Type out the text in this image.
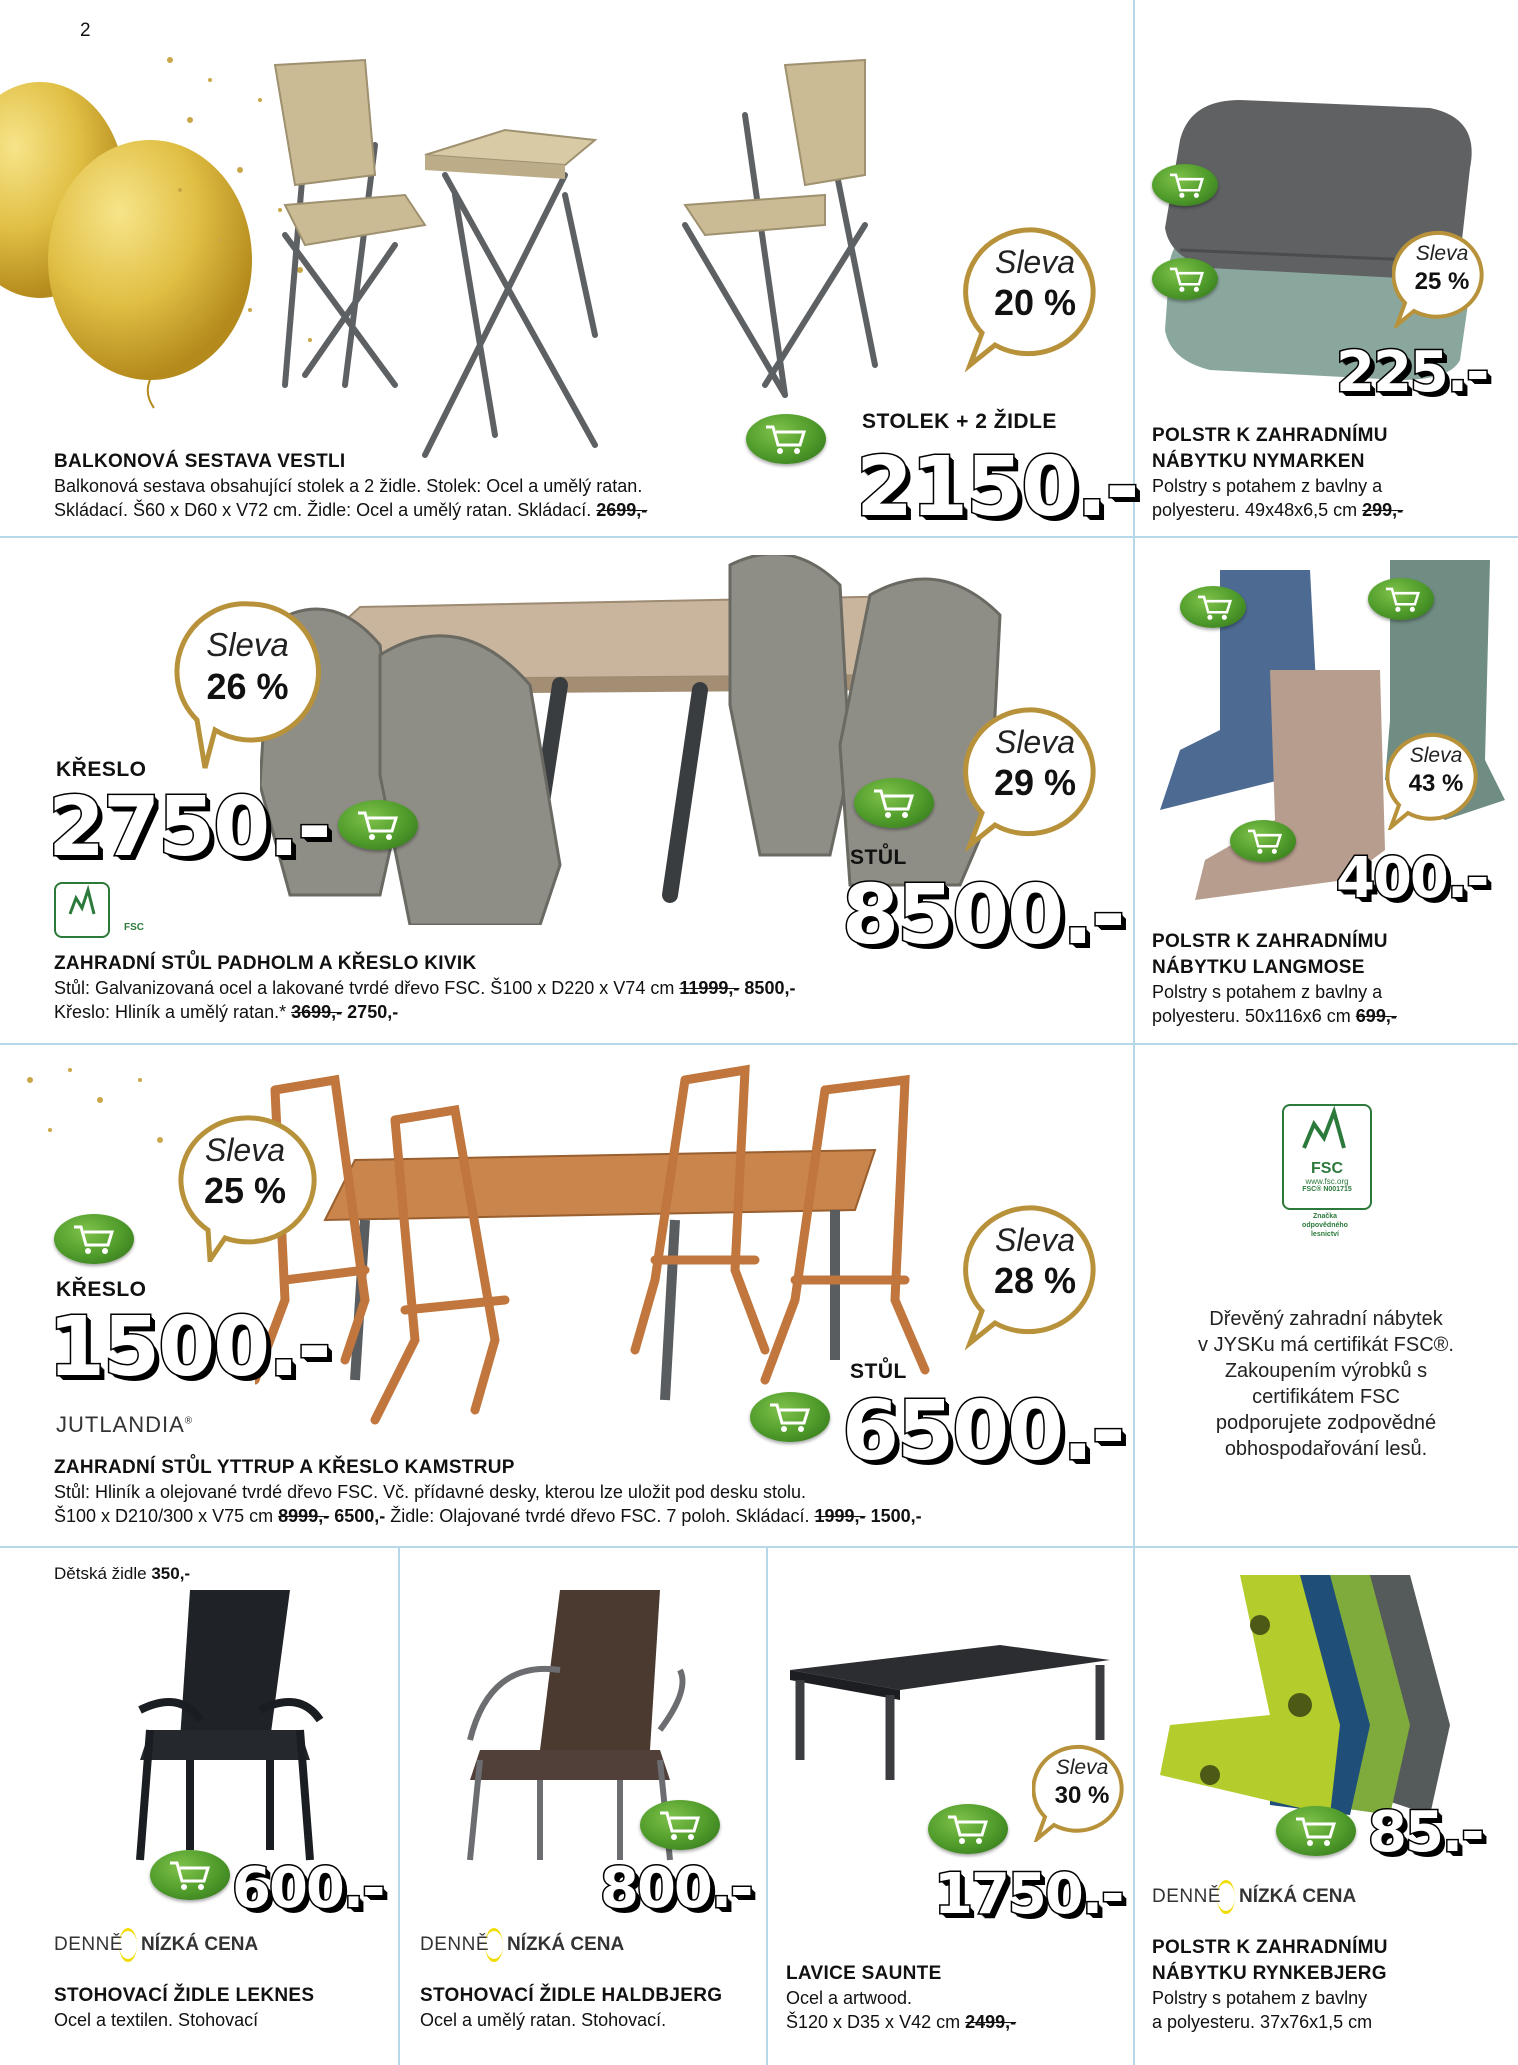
2
BALKONOVÁ SESTAVA VESTLI
Balkonová sestava obsahující stolek a 2 židle. Stolek: Ocel a umělý ratan.
Skládací. Š60 x D60 x V72 cm. Židle: Ocel a umělý ratan. Skládací. 2699,-
Sleva
20 %
STOLEK + 2 ŽIDLE
2150.-
Sleva
25 %
225.-
POLSTR K ZAHRADNÍMU
NÁBYTKU NYMARKEN
Polstry s potahem z bavlny a
polyesteru. 49x48x6,5 cm 299,-
Sleva
26 %
KŘESLO
2750.-
FSC
Sleva
29 %
STŮL
8500.-
ZAHRADNÍ STŮL PADHOLM A KŘESLO KIVIK
Stůl: Galvanizovaná ocel a lakované tvrdé dřevo FSC. Š100 x D220 x V74 cm 11999,- 8500,-
Křeslo: Hliník a umělý ratan.* 3699,- 2750,-
Sleva
43 %
400.-
POLSTR K ZAHRADNÍMU
NÁBYTKU LANGMOSE
Polstry s potahem z bavlny a
polyesteru. 50x116x6 cm 699,-
Sleva
25 %
KŘESLO
1500.-
JUTLANDIA®
Sleva
28 %
STŮL
6500.-
ZAHRADNÍ STŮL YTTRUP A KŘESLO KAMSTRUP
Stůl: Hliník a olejované tvrdé dřevo FSC. Vč. přídavné desky, kterou lze uložit pod desku stolu.
Š100 x D210/300 x V75 cm 8999,- 6500,- Židle: Olajované tvrdé dřevo FSC. 7 poloh. Skládací. 1999,- 1500,-
FSC
www.fsc.org
FSC® N001715
Značka odpovědného lesnictví
Dřevěný zahradní nábytek
v JYSKu má certifikát FSC®.
Zakoupením výrobků s
certifikátem FSC
podporujete zodpovědné
obhospodařování lesů.
Dětská židle 350,-
600.-
DENNĚ NÍZKÁ CENA
STOHOVACÍ ŽIDLE LEKNES
Ocel a textilen. Stohovací
800.-
DENNĚ NÍZKÁ CENA
STOHOVACÍ ŽIDLE HALDBJERG
Ocel a umělý ratan. Stohovací.
Sleva
30 %
1750.-
LAVICE SAUNTE
Ocel a artwood.
Š120 x D35 x V42 cm 2499,-
85.-
DENNĚ NÍZKÁ CENA
POLSTR K ZAHRADNÍMU
NÁBYTKU RYNKEBJERG
Polstry s potahem z bavlny
a polyesteru. 37x76x1,5 cm
